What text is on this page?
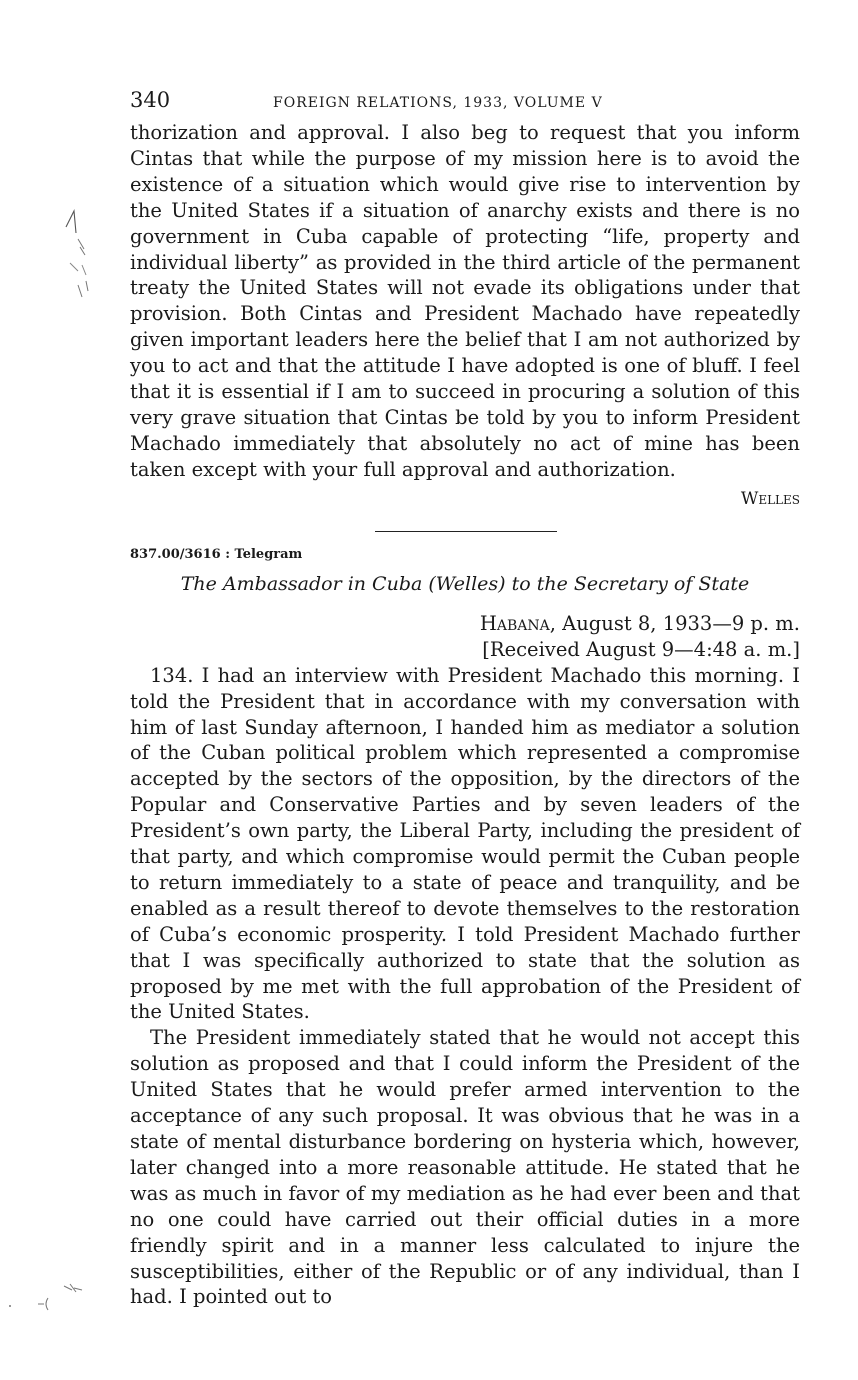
340	FOREIGN RELATIONS, 1933, VOLUME V

thorization and approval. I also beg to request that you inform Cintas that while the purpose of my mission here is to avoid the existence of a situation which would give rise to intervention by the United States if a situation of anarchy exists and there is no government in Cuba capable of protecting “life, property and individual liberty” as provided in the third article of the permanent treaty the United States will not evade its obligations under that provision. Both Cintas and President Machado have repeatedly given important leaders here the belief that I am not authorized by you to act and that the attitude I have adopted is one of bluff. I feel that it is essential if I am to succeed in procuring a solution of this very grave situation that Cintas be told by you to inform President Machado immediately that absolutely no act of mine has been taken except with your full approval and authorization.

Welles
837.00/3616 : Telegram
The Ambassador in Cuba (Welles) to the Secretary of State
Habana, August 8, 1933—9 p. m.
[Received August 9—4:48 a. m.]

134. I had an interview with President Machado this morning. I told the President that in accordance with my conversation with him of last Sunday afternoon, I handed him as mediator a solution of the Cuban political problem which represented a compromise accepted by the sectors of the opposition, by the directors of the Popular and Conservative Parties and by seven leaders of the President’s own party, the Liberal Party, including the president of that party, and which compromise would permit the Cuban people to return immediately to a state of peace and tranquility, and be enabled as a result thereof to devote themselves to the restoration of Cuba’s economic prosperity. I told President Machado further that I was specifically authorized to state that the solution as proposed by me met with the full approbation of the President of the United States.

The President immediately stated that he would not accept this solution as proposed and that I could inform the President of the United States that he would prefer armed intervention to the acceptance of any such proposal. It was obvious that he was in a state of mental disturbance bordering on hysteria which, however, later changed into a more reasonable attitude. He stated that he was as much in favor of my mediation as he had ever been and that no one could have carried out their official duties in a more friendly spirit and in a manner less calculated to injure the susceptibilities, either of the Republic or of any individual, than I had. I pointed out to
